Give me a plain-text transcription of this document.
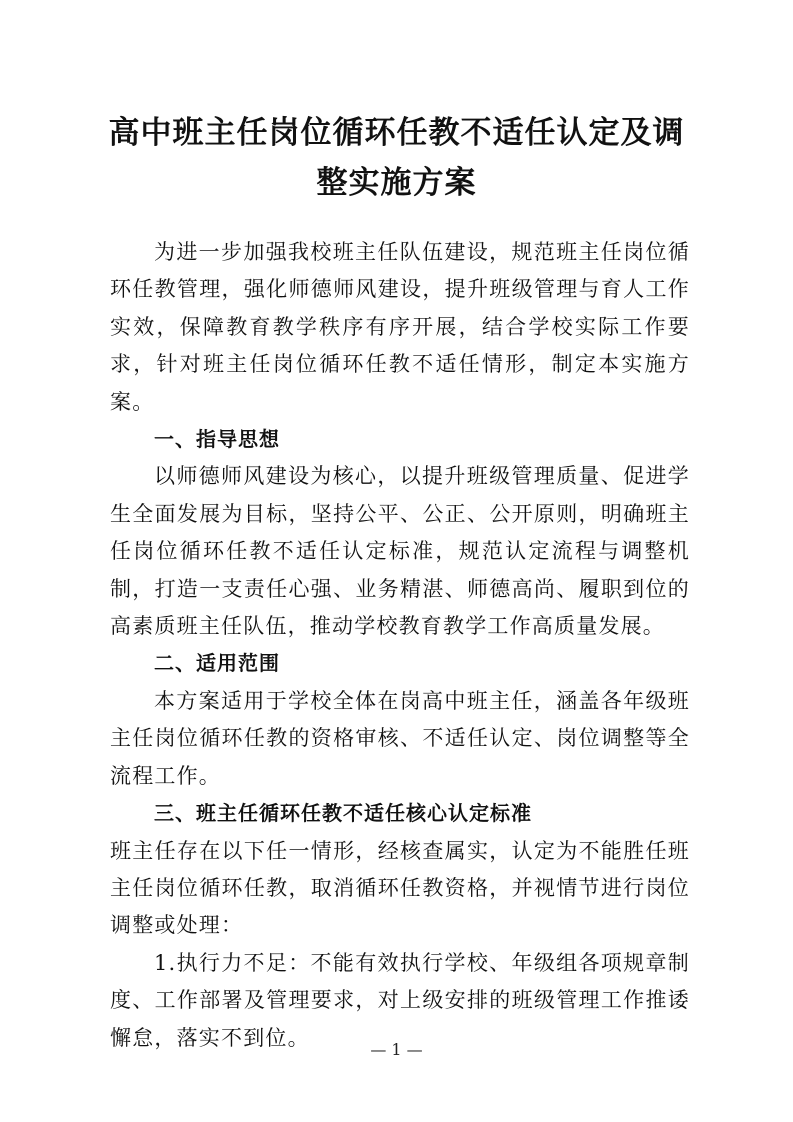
高中班主任岗位循环任教不适任认定及调
整实施方案

为进一步加强我校班主任队伍建设，规范班主任岗位循环任教管理，强化师德师风建设，提升班级管理与育人工作实效，保障教育教学秩序有序开展，结合学校实际工作要求，针对班主任岗位循环任教不适任情形，制定本实施方案。

一、指导思想

以师德师风建设为核心，以提升班级管理质量、促进学生全面发展为目标，坚持公平、公正、公开原则，明确班主任岗位循环任教不适任认定标准，规范认定流程与调整机制，打造一支责任心强、业务精湛、师德高尚、履职到位的高素质班主任队伍，推动学校教育教学工作高质量发展。

二、适用范围

本方案适用于学校全体在岗高中班主任，涵盖各年级班主任岗位循环任教的资格审核、不适任认定、岗位调整等全流程工作。

三、班主任循环任教不适任核心认定标准

班主任存在以下任一情形，经核查属实，认定为不能胜任班主任岗位循环任教，取消循环任教资格，并视情节进行岗位调整或处理：

1.执行力不足：不能有效执行学校、年级组各项规章制度、工作部署及管理要求，对上级安排的班级管理工作推诿懈怠，落实不到位。	— 1 —
